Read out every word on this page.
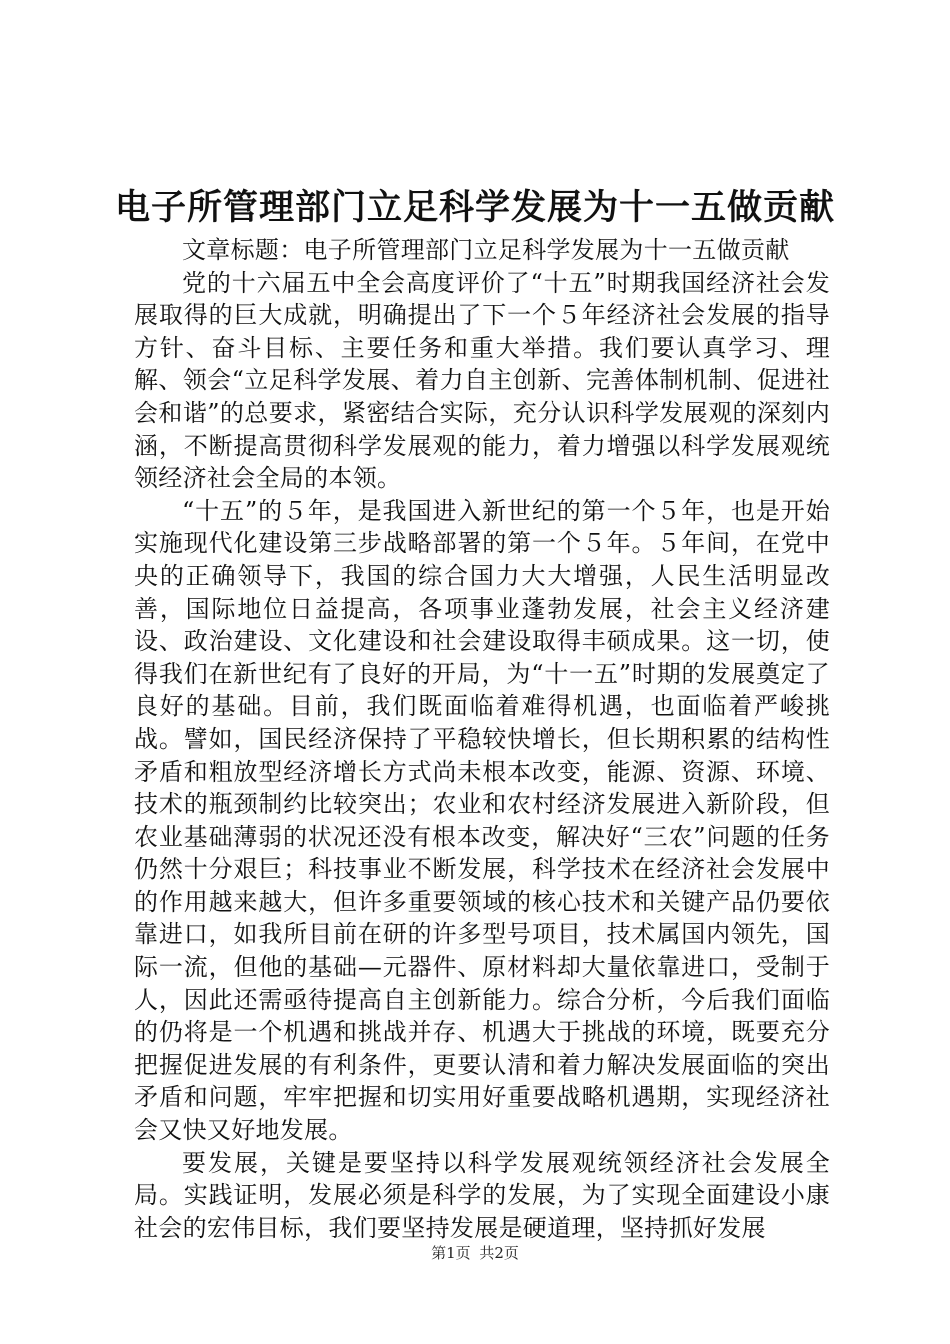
电子所管理部门立足科学发展为十一五做贡献

文章标题：电子所管理部门立足科学发展为十一五做贡献

党的十六届五中全会高度评价了“十五”时期我国经济社会发展取得的巨大成就，明确提出了下一个５年经济社会发展的指导方针、奋斗目标、主要任务和重大举措。我们要认真学习、理解、领会“立足科学发展、着力自主创新、完善体制机制、促进社会和谐”的总要求，紧密结合实际，充分认识科学发展观的深刻内涵，不断提高贯彻科学发展观的能力，着力增强以科学发展观统领经济社会全局的本领。

“十五”的５年，是我国进入新世纪的第一个５年，也是开始实施现代化建设第三步战略部署的第一个５年。５年间，在党中央的正确领导下，我国的综合国力大大增强，人民生活明显改善，国际地位日益提高，各项事业蓬勃发展，社会主义经济建设、政治建设、文化建设和社会建设取得丰硕成果。这一切，使得我们在新世纪有了良好的开局，为“十一五”时期的发展奠定了良好的基础。目前，我们既面临着难得机遇，也面临着严峻挑战。譬如，国民经济保持了平稳较快增长，但长期积累的结构性矛盾和粗放型经济增长方式尚未根本改变，能源、资源、环境、技术的瓶颈制约比较突出；农业和农村经济发展进入新阶段，但农业基础薄弱的状况还没有根本改变，解决好“三农”问题的任务仍然十分艰巨；科技事业不断发展，科学技术在经济社会发展中的作用越来越大，但许多重要领域的核心技术和关键产品仍要依靠进口，如我所目前在研的许多型号项目，技术属国内领先，国际一流，但他的基础—元器件、原材料却大量依靠进口，受制于人，因此还需亟待提高自主创新能力。综合分析，今后我们面临的仍将是一个机遇和挑战并存、机遇大于挑战的环境，既要充分把握促进发展的有利条件，更要认清和着力解决发展面临的突出矛盾和问题，牢牢把握和切实用好重要战略机遇期，实现经济社会又快又好地发展。

要发展，关键是要坚持以科学发展观统领经济社会发展全局。实践证明，发展必须是科学的发展，为了实现全面建设小康社会的宏伟目标，我们要坚持发展是硬道理，坚持抓好发展

第1页 共2页
